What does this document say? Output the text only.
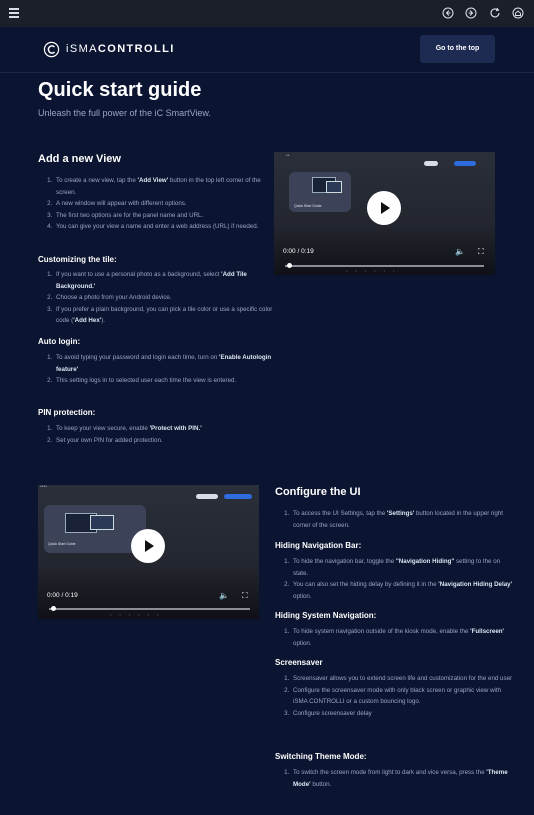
iSMACONTROLLI	Go to the top
Quick start guide
Unleash the full power of the iC SmartView.
Add a new View
1. To create a new view, tap the 'Add View' button in the top left corner of the screen.
2. A new window will appear with different options.
3. The first two options are for the panel name and URL.
4. You can give your view a name and enter a web address (URL) if needed.
Customizing the tile:
1. If you want to use a personal photo as a background, select 'Add Tile Background.'
2. Choose a photo from your Android device.
3. If you prefer a plain background, you can pick a tile color or use a specific color code ('Add Hex').
Auto login:
1. To avoid typing your password and login each time, turn on 'Enable Autologin feature'
2. This setting logs in to selected user each time the view is entered.
PIN protection:
1. To keep your view secure, enable 'Protect with PIN.'
2. Set your own PIN for added protection.
••
Quick Start Guide
0:00 / 0:19	🔈 ⛶
••••••
••••
Quick Start Guide
0:00 / 0:19	🔈 ⛶
••••••
Configure the UI
1. To access the UI Settings, tap the 'Settings' button located in the upper right corner of the screen.
Hiding Navigation Bar:
1. To hide the navigation bar, toggle the "Navigation Hiding" setting to the on state.
2. You can also set the hiding delay by defining it in the 'Navigation Hiding Delay' option.
Hiding System Navigation:
1. To hide system navigation outside of the kiosk mode, enable the 'Fullscreen' option.
Screensaver
1. Screensaver allows you to extend screen life and customization for the end user
2. Configure the screensaver mode with only black screen or graphic view with iSMA CONTROLLI or a custom bouncing logo.
3. Configure screensaver delay
Switching Theme Mode:
1. To switch the screen mode from light to dark and vice versa, press the 'Theme Mode' button.
